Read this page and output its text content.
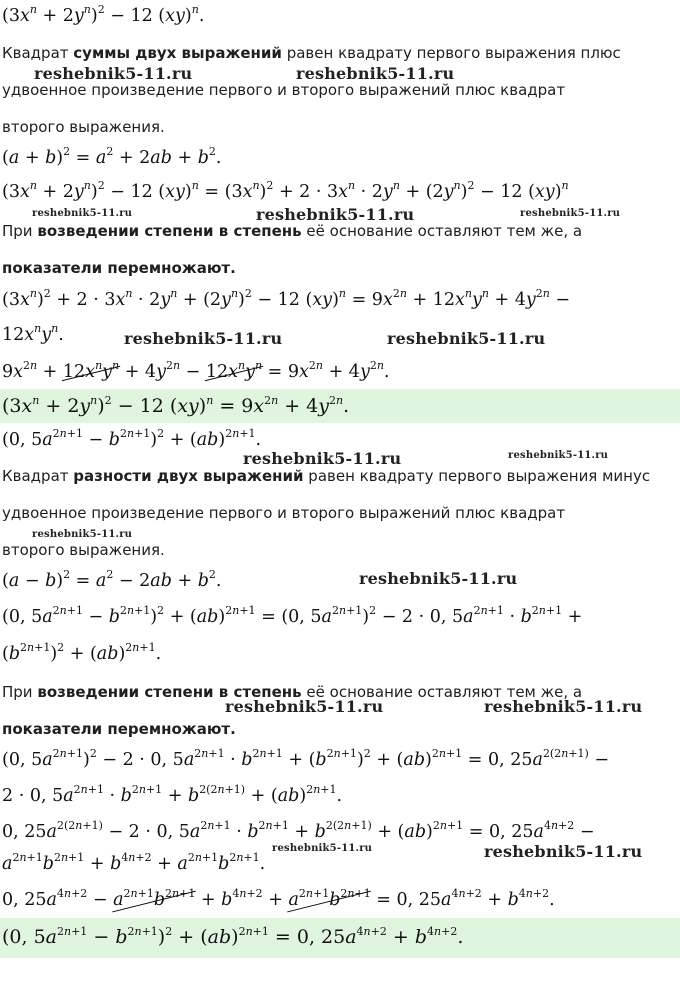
$(3x^n + 2y^n)^2 - 12$ (xy)$^n$.
Квадрат суммы двух выражений равен квадрату первого выражения плюс
удвоенное произведение первого и второго выражений плюс квадрат
второго выражения.
$(a + b)^2 = a^2 + 2ab + b^2$.
$(3x^n + 2y^n)^2 - 12$ $(xy)^n = (3x^n)^2 + 2 \cdot 3x^n \cdot 2y^n + (2y^n)^2 - 12$ (xy)$^n$
При возведении степени в степень её основание оставляют тем же, а
показатели перемножают.
$(3x^n)^2 + 2 \cdot 3x^n \cdot 2y^n + (2y^n)^2 - 12$ $(xy)^n = 9x^{2n} + 12x^ny^n + 4y^{2n}$ −
$12x^ny^n$.
$9x^{2n} + 12x^ny^n + 4y^{2n} - 12x^ny^n = 9x^{2n} + 4y^{2n}$.
$(3x^n + 2y^n)^2 - 12$ $(xy)^n = 9x^{2n} + 4y^{2n}$.
(0, $5a^{2n+1} - b^{2n+1})^2 + (ab)^{2n+1}$.
Квадрат разности двух выражений равен квадрату первого выражения минус
удвоенное произведение первого и второго выражений плюс квадрат
второго выражения.
$(a - b)^2 = a^2 - 2ab + b^2$.
(0, $5a^{2n+1} - b^{2n+1})^2 + (ab)^{2n+1} = (0$, $5a^{2n+1})^2 - 2 \cdot 0$, $5a^{2n+1} \cdot b^{2n+1}$ +
$(b^{2n+1})^2 + (ab)^{2n+1}$.
При возведении степени в степень её основание оставляют тем же, а
показатели перемножают.
(0, $5a^{2n+1})^2 - 2 \cdot 0$, $5a^{2n+1} \cdot b^{2n+1} + (b^{2n+1})^2 + (ab)^{2n+1} = 0$, $25a^{2(2n+1)}$ −
2 · 0, $5a^{2n+1} \cdot b^{2n+1} + b^{2(2n+1)} + (ab)^{2n+1}$.
0, $25a^{2(2n+1)} - 2 \cdot 0$, $5a^{2n+1} \cdot b^{2n+1} + b^{2(2n+1)} + (ab)^{2n+1} = 0$, $25a^{4n+2}$ −
$a^{2n+1}b^{2n+1} + b^{4n+2} + a^{2n+1}b^{2n+1}$.
0, $25a^{4n+2} - a^{2n+1}b^{2n+1} + b^{4n+2} + a^{2n+1}b^{2n+1} = 0$, $25a^{4n+2} + b^{4n+2}$.
(0, $5a^{2n+1} - b^{2n+1})^2 + (ab)^{2n+1} = 0$, $25a^{4n+2} + b^{4n+2}$.
reshebnik5-11.ru	reshebnik5-11.ru
reshebnik5-11.ru	reshebnik5-11.ru	reshebnik5-11.ru
reshebnik5-11.ru	reshebnik5-11.ru
reshebnik5-11.ru	reshebnik5-11.ru
reshebnik5-11.ru
reshebnik5-11.ru
reshebnik5-11.ru	reshebnik5-11.ru
reshebnik5-11.ru	reshebnik5-11.ru
